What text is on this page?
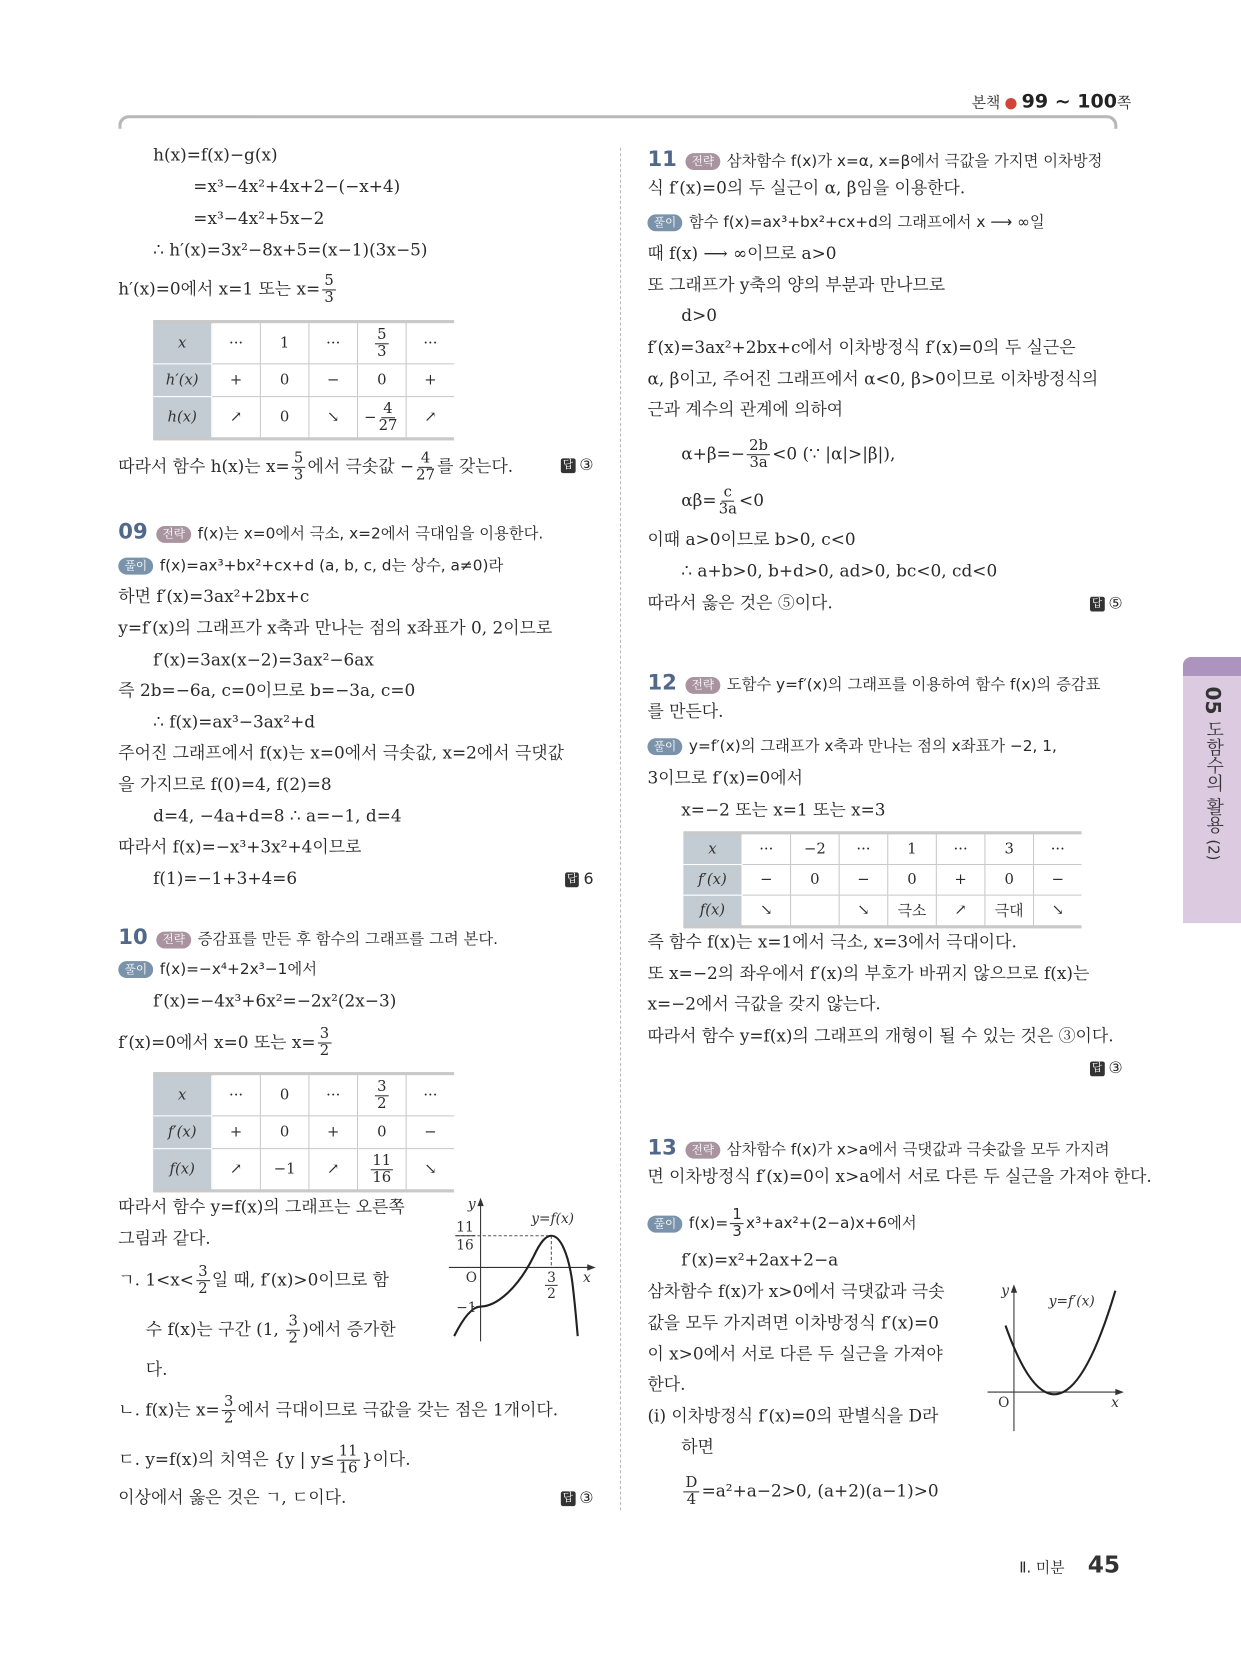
본책 ● 99 ~ 100쪽
h(x)=f(x)−g(x)
=x³−4x²+4x+2−(−x+4)
=x³−4x²+5x−2
∴ h′(x)=3x²−8x+5=(x−1)(3x−5)
h′(x)=0에서 x=1 또는 $x= \frac{5}{3}$
따라서 함수 h(x)는 $x= \frac{5}{3}$ 에서 극솟값 − $\frac{4}{27}$ 를 갖는다.	답 ③
09 전략 f(x)는 x=0에서 극소, x=2에서 극대임을 이용한다.
풀이 f(x)=ax³+bx²+cx+d (a, b, c, d는 상수, a≠0)라
하면 f′(x)=3ax²+2bx+c
y=f′(x)의 그래프가 x축과 만나는 점의 x좌표가 0, 2이므로
f′(x)=3ax(x−2)=3ax²−6ax
즉 2b=−6a, c=0이므로 b=−3a, c=0
∴ f(x)=ax³−3ax²+d
주어진 그래프에서 f(x)는 x=0에서 극솟값, x=2에서 극댓값
을 가지므로 f(0)=4, f(2)=8
d=4, −4a+d=8 ∴ a=−1, d=4
따라서 f(x)=−x³+3x²+4이므로
f(1)=−1+3+4=6	답 6
10 전략 증감표를 만든 후 함수의 그래프를 그려 본다.
풀이 f(x)=−x⁴+2x³−1에서
f′(x)=−4x³+6x²=−2x²(2x−3)
f′(x)=0에서 x=0 또는 $x= \frac{3}{2}$
따라서 함수 y=f(x)의 그래프는 오른쪽
그림과 같다.
ㄱ. $1<x< \frac{3}{2}$ 일 때, f′(x)>0이므로 함
수 f(x)는 구간 (1, $\frac{3}{2}$ )에서 증가한
다.
ㄴ. f(x)는 $x= \frac{3}{2}$ 에서 극대이므로 극값을 갖는 점은 1개이다.
ㄷ. y=f(x)의 치역은 {y | $y\le \frac{11}{16}$ }이다.
이상에서 옳은 것은 ㄱ, ㄷ이다.	답 ③
11 전략 삼차함수 f(x)가 x=α, x=β에서 극값을 가지면 이차방정
식 f′(x)=0의 두 실근이 α, β임을 이용한다.
풀이 함수 f(x)=ax³+bx²+cx+d의 그래프에서 x ⟶ ∞일
때 f(x) ⟶ ∞이므로 a>0
또 그래프가 y축의 양의 부분과 만나므로
d>0
f′(x)=3ax²+2bx+c에서 이차방정식 f′(x)=0의 두 실근은
α, β이고, 주어진 그래프에서 α<0, β>0이므로 이차방정식의
근과 계수의 관계에 의하여
$\alpha+\beta=- \frac{2b}{3a} <0$ (∵ |α|>|β|),
$\alpha\beta= \frac{c}{3a} <0$
이때 a>0이므로 b>0, c<0
∴ a+b>0, b+d>0, ad>0, bc<0, cd<0
따라서 옳은 것은 ⑤이다.	답 ⑤
12 전략 도함수 y=f′(x)의 그래프를 이용하여 함수 f(x)의 증감표
를 만든다.
풀이 y=f′(x)의 그래프가 x축과 만나는 점의 x좌표가 −2, 1,
3이므로 f′(x)=0에서
x=−2 또는 x=1 또는 x=3
즉 함수 f(x)는 x=1에서 극소, x=3에서 극대이다.
또 x=−2의 좌우에서 f′(x)의 부호가 바뀌지 않으므로 f(x)는
x=−2에서 극값을 갖지 않는다.
따라서 함수 y=f(x)의 그래프의 개형이 될 수 있는 것은 ③이다.
답 ③
13 전략 삼차함수 f(x)가 x>a에서 극댓값과 극솟값을 모두 가지려
면 이차방정식 f′(x)=0이 x>a에서 서로 다른 두 실근을 가져야 한다.
풀이 $f(x)= \frac{1}{3} x^3+ax^2+(2-a)x+6$에서
f′(x)=x²+2ax+2−a
삼차함수 f(x)가 x>0에서 극댓값과 극솟
값을 모두 가지려면 이차방정식 f′(x)=0
이 x>0에서 서로 다른 두 실근을 가져야
한다.
(i) 이차방정식 f′(x)=0의 판별식을 D라
하면
$\frac{D}{4} =a^2+a-2>0$, (a+2)(a−1)>0
x	···	1	···	$\frac{5}{3}$	···
h′(x)	+	0	−	0	+
h(x)	↗	0	↘	− $\frac{4}{27}$	↗
x	···	0	···	$\frac{3}{2}$	···
f′(x)	+	0	+	0	−
f(x)	↗	−1	↗	$\frac{11}{16}$	↘
x	···	−2	···	1	···	3	···
f′(x)	−	0	−	0	+	0	−
f(x)	↘		↘	극소	↗	극대	↘
y
x
O
y=f(x)
11
16
−1
3
2	y
x
O
y=f′(x)
05 도함수의 활용 (2)
Ⅱ. 미분 45
